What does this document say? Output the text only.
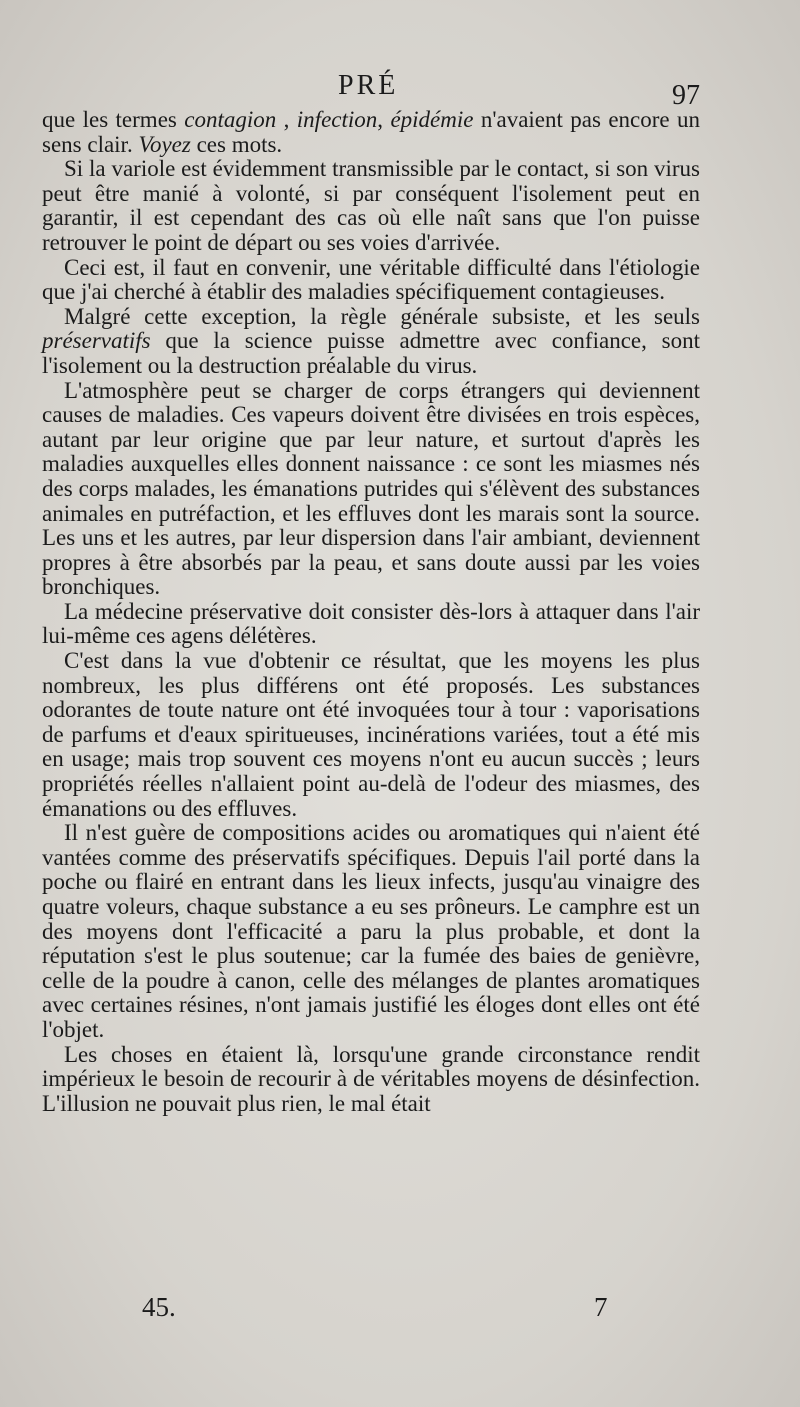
PRÉ	97

que les termes contagion , infection, épidémie n'avaient pas encore un sens clair. Voyez ces mots.

Si la variole est évidemment transmissible par le contact, si son virus peut être manié à volonté, si par conséquent l'isolement peut en garantir, il est cependant des cas où elle naît sans que l'on puisse retrouver le point de départ ou ses voies d'arrivée.

Ceci est, il faut en convenir, une véritable difficulté dans l'étiologie que j'ai cherché à établir des maladies spécifiquement contagieuses.

Malgré cette exception, la règle générale subsiste, et les seuls préservatifs que la science puisse admettre avec confiance, sont l'isolement ou la destruction préalable du virus.

L'atmosphère peut se charger de corps étrangers qui deviennent causes de maladies. Ces vapeurs doivent être divisées en trois espèces, autant par leur origine que par leur nature, et surtout d'après les maladies auxquelles elles donnent naissance : ce sont les miasmes nés des corps malades, les émanations putrides qui s'élèvent des substances animales en putréfaction, et les effluves dont les marais sont la source. Les uns et les autres, par leur dispersion dans l'air ambiant, deviennent propres à être absorbés par la peau, et sans doute aussi par les voies bronchiques.

La médecine préservative doit consister dès-lors à attaquer dans l'air lui-même ces agens délétères.

C'est dans la vue d'obtenir ce résultat, que les moyens les plus nombreux, les plus différens ont été proposés. Les substances odorantes de toute nature ont été invoquées tour à tour : vaporisations de parfums et d'eaux spiritueuses, incinérations variées, tout a été mis en usage; mais trop souvent ces moyens n'ont eu aucun succès ; leurs propriétés réelles n'allaient point au-delà de l'odeur des miasmes, des émanations ou des effluves.

Il n'est guère de compositions acides ou aromatiques qui n'aient été vantées comme des préservatifs spécifiques. Depuis l'ail porté dans la poche ou flairé en entrant dans les lieux infects, jusqu'au vinaigre des quatre voleurs, chaque substance a eu ses prôneurs. Le camphre est un des moyens dont l'efficacité a paru la plus probable, et dont la réputation s'est le plus soutenue; car la fumée des baies de genièvre, celle de la poudre à canon, celle des mélanges de plantes aromatiques avec certaines résines, n'ont jamais justifié les éloges dont elles ont été l'objet.

Les choses en étaient là, lorsqu'une grande circonstance rendit impérieux le besoin de recourir à de véritables moyens de désinfection. L'illusion ne pouvait plus rien, le mal était

45.	7
